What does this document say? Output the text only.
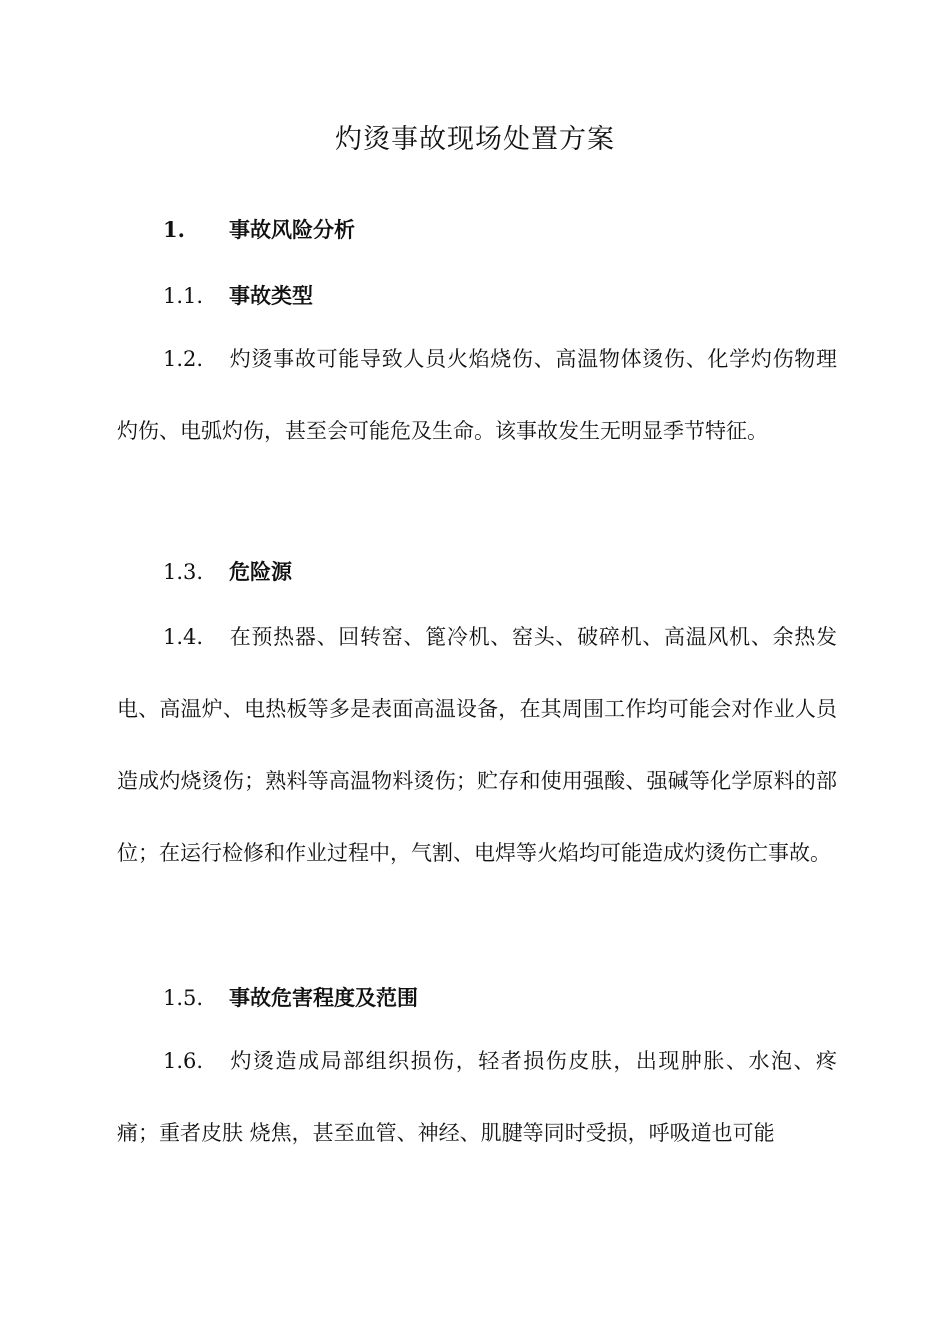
灼烫事故现场处置方案

1. 事故风险分析

1.1. 事故类型

1.2. 灼烫事故可能导致人员火焰烧伤、高温物体烫伤、化学灼伤物理灼伤、电弧灼伤，甚至会可能危及生命。该事故发生无明显季节特征。

1.3. 危险源

1.4. 在预热器、回转窑、篦冷机、窑头、破碎机、高温风机、余热发电、高温炉、电热板等多是表面高温设备，在其周围工作均可能会对作业人员造成灼烧烫伤；熟料等高温物料烫伤；贮存和使用强酸、强碱等化学原料的部位；在运行检修和作业过程中，气割、电焊等火焰均可能造成灼烫伤亡事故。

1.5. 事故危害程度及范围

1.6. 灼烫造成局部组织损伤，轻者损伤皮肤，出现肿胀、水泡、疼痛；重者皮肤 烧焦，甚至血管、神经、肌腱等同时受损，呼吸道也可能
